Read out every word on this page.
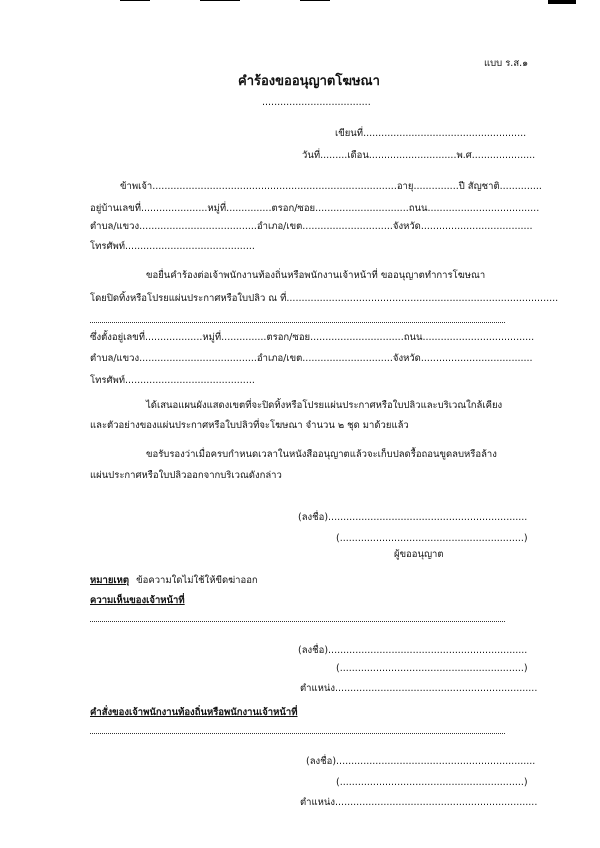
แบบ ร.ส.๑
คำร้องขออนุญาตโฆษณา
....................................
เขียนที่......................................................
วันที่.........เดือน.............................พ.ศ.....................
ข้าพเจ้า.................................................................................อายุ...............ปี สัญชาติ..............
อยู่บ้านเลขที่......................หมู่ที่...............ตรอก/ซอย...............................ถนน.....................................
ตำบล/แขวง.......................................อำเภอ/เขต..............................จังหวัด.....................................
โทรศัพท์...........................................
ขอยื่นคำร้องต่อเจ้าพนักงานท้องถิ่นหรือพนักงานเจ้าหน้าที่ ขออนุญาตทำการโฆษณา
โดยปิดทิ้งหรือโปรยแผ่นประกาศหรือใบปลิว ณ ที่..........................................................................................
ซึ่งตั้งอยู่เลขที่...................หมู่ที่...............ตรอก/ซอย...............................ถนน.....................................
ตำบล/แขวง.......................................อำเภอ/เขต..............................จังหวัด.....................................
โทรศัพท์...........................................
ได้เสนอแผนผังแสดงเขตที่จะปิดทิ้งหรือโปรยแผ่นประกาศหรือใบปลิวและบริเวณใกล้เคียง
และตัวอย่างของแผ่นประกาศหรือใบปลิวที่จะโฆษณา จำนวน ๒ ชุด มาด้วยแล้ว
ขอรับรองว่าเมื่อครบกำหนดเวลาในหนังสืออนุญาตแล้วจะเก็บปลดรื้อถอนขูดลบหรือล้าง
แผ่นประกาศหรือใบปลิวออกจากบริเวณดังกล่าว
(ลงชื่อ)..................................................................
(.............................................................)
ผู้ขออนุญาต
หมายเหตุ ข้อความใดไม่ใช้ให้ขีดฆ่าออก
ความเห็นของเจ้าหน้าที่
(ลงชื่อ)..................................................................
(.............................................................)
ตำแหน่ง...................................................................
คำสั่งของเจ้าพนักงานท้องถิ่นหรือพนักงานเจ้าหน้าที่
(ลงชื่อ)..................................................................
(.............................................................)
ตำแหน่ง...................................................................
